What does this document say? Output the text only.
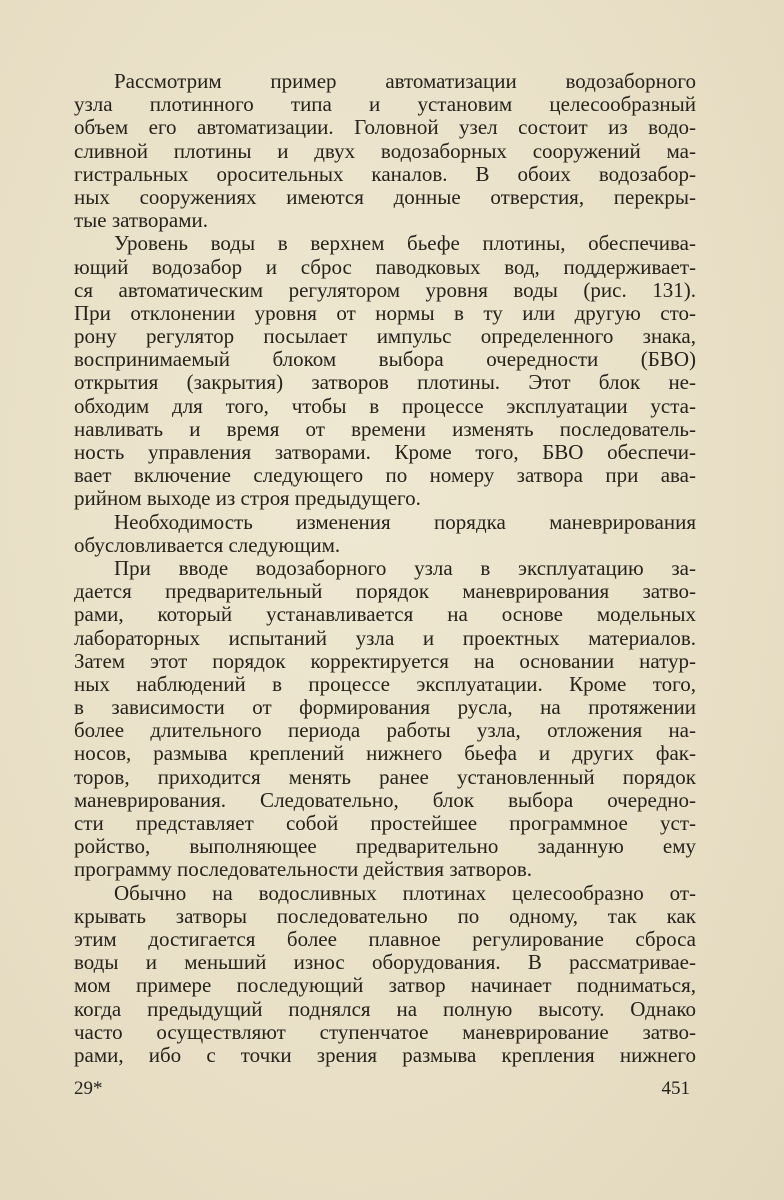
Рассмотрим пример автоматизации водозаборного
узла плотинного типа и установим целесообразный
объем его автоматизации. Головной узел состоит из водо-
сливной плотины и двух водозаборных сооружений ма-
гистральных оросительных каналов. В обоих водозабор-
ных сооружениях имеются донные отверстия, перекры-
тые затворами.
Уровень воды в верхнем бьефе плотины, обеспечива-
ющий водозабор и сброс паводковых вод, поддерживает-
ся автоматическим регулятором уровня воды (рис. 131).
При отклонении уровня от нормы в ту или другую сто-
рону регулятор посылает импульс определенного знака,
воспринимаемый блоком выбора очередности (БВО)
открытия (закрытия) затворов плотины. Этот блок не-
обходим для того, чтобы в процессе эксплуатации уста-
навливать и время от времени изменять последователь-
ность управления затворами. Кроме того, БВО обеспечи-
вает включение следующего по номеру затвора при ава-
рийном выходе из строя предыдущего.
Необходимость изменения порядка маневрирования
обусловливается следующим.
При вводе водозаборного узла в эксплуатацию за-
дается предварительный порядок маневрирования затво-
рами, который устанавливается на основе модельных
лабораторных испытаний узла и проектных материалов.
Затем этот порядок корректируется на основании натур-
ных наблюдений в процессе эксплуатации. Кроме того,
в зависимости от формирования русла, на протяжении
более длительного периода работы узла, отложения на-
носов, размыва креплений нижнего бьефа и других фак-
торов, приходится менять ранее установленный порядок
маневрирования. Следовательно, блок выбора очередно-
сти представляет собой простейшее программное уст-
ройство, выполняющее предварительно заданную ему
программу последовательности действия затворов.
Обычно на водосливных плотинах целесообразно от-
крывать затворы последовательно по одному, так как
этим достигается более плавное регулирование сброса
воды и меньший износ оборудования. В рассматривае-
мом примере последующий затвор начинает подниматься,
когда предыдущий поднялся на полную высоту. Однако
часто осуществляют ступенчатое маневрирование затво-
рами, ибо с точки зрения размыва крепления нижнего
29*	451
